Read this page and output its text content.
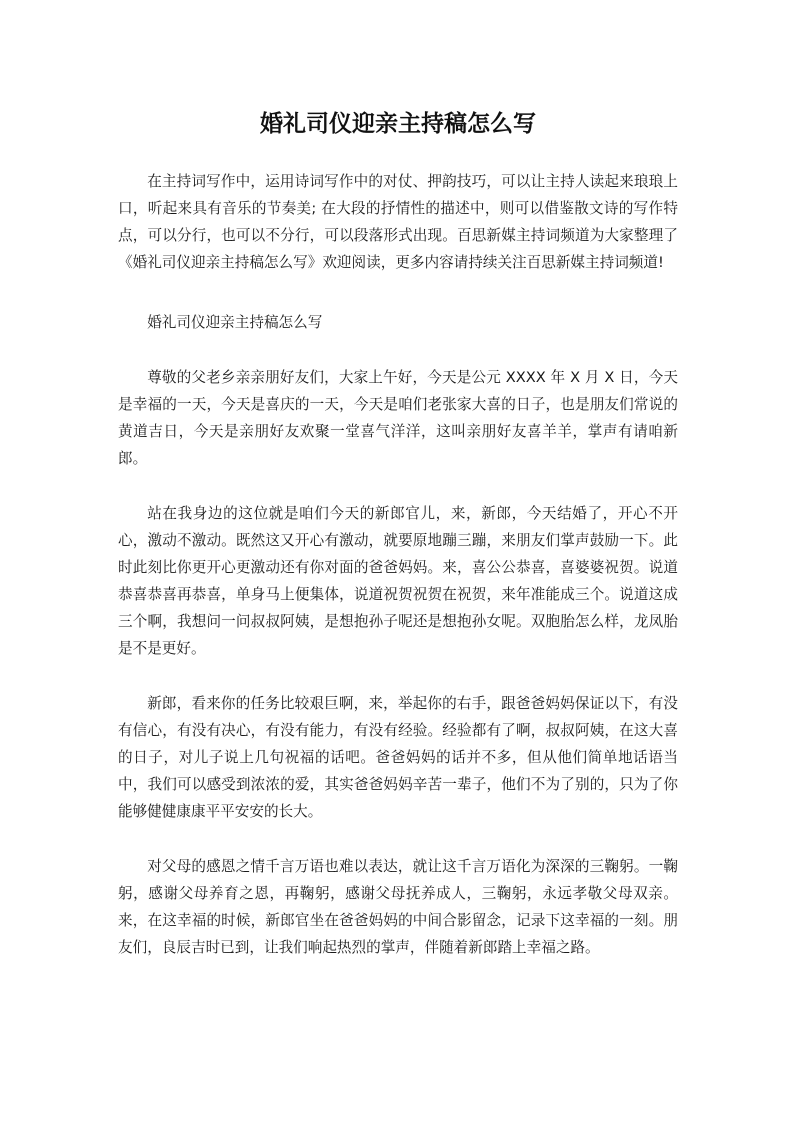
婚礼司仪迎亲主持稿怎么写

在主持词写作中，运用诗词写作中的对仗、押韵技巧，可以让主持人读起来琅琅上口，听起来具有音乐的节奏美; 在大段的抒情性的描述中，则可以借鉴散文诗的写作特点，可以分行，也可以不分行，可以段落形式出现。百思新媒主持词频道为大家整理了《婚礼司仪迎亲主持稿怎么写》欢迎阅读，更多内容请持续关注百思新媒主持词频道!

婚礼司仪迎亲主持稿怎么写

尊敬的父老乡亲亲朋好友们，大家上午好，今天是公元 XXXX 年 X 月 X 日，今天是幸福的一天，今天是喜庆的一天，今天是咱们老张家大喜的日子，也是朋友们常说的黄道吉日，今天是亲朋好友欢聚一堂喜气洋洋，这叫亲朋好友喜羊羊，掌声有请咱新郎。

站在我身边的这位就是咱们今天的新郎官儿，来，新郎，今天结婚了，开心不开心，激动不激动。既然这又开心有激动，就要原地蹦三蹦，来朋友们掌声鼓励一下。此时此刻比你更开心更激动还有你对面的爸爸妈妈。来，喜公公恭喜，喜婆婆祝贺。说道恭喜恭喜再恭喜，单身马上便集体，说道祝贺祝贺在祝贺，来年准能成三个。说道这成三个啊，我想问一问叔叔阿姨，是想抱孙子呢还是想抱孙女呢。双胞胎怎么样，龙凤胎是不是更好。

新郎，看来你的任务比较艰巨啊，来，举起你的右手，跟爸爸妈妈保证以下，有没有信心，有没有决心，有没有能力，有没有经验。经验都有了啊，叔叔阿姨，在这大喜的日子，对儿子说上几句祝福的话吧。爸爸妈妈的话并不多，但从他们简单地话语当中，我们可以感受到浓浓的爱，其实爸爸妈妈辛苦一辈子，他们不为了别的，只为了你能够健健康康平平安安的长大。

对父母的感恩之情千言万语也难以表达，就让这千言万语化为深深的三鞠躬。一鞠躬，感谢父母养育之恩，再鞠躬，感谢父母抚养成人，三鞠躬，永远孝敬父母双亲。来，在这幸福的时候，新郎官坐在爸爸妈妈的中间合影留念，记录下这幸福的一刻。朋友们，良辰吉时已到，让我们响起热烈的掌声，伴随着新郎踏上幸福之路。
